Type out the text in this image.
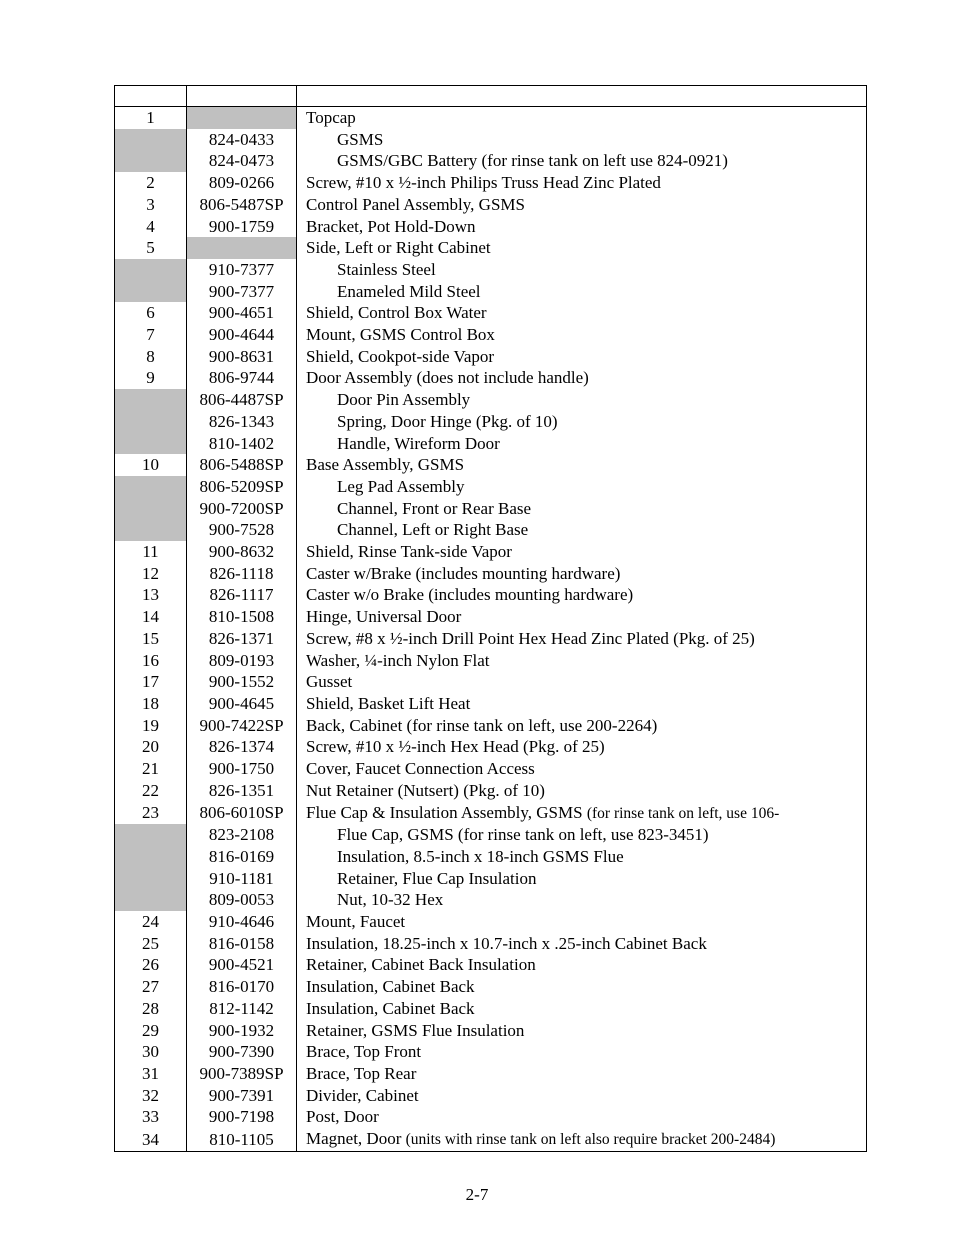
1		Topcap
	824-0433	GSMS
	824-0473	GSMS/GBC Battery (for rinse tank on left use 824-0921)
2	809-0266	Screw, #10 x ½-inch Philips Truss Head Zinc Plated
3	806-5487SP	Control Panel Assembly, GSMS
4	900-1759	Bracket, Pot Hold-Down
5		Side, Left or Right Cabinet
	910-7377	Stainless Steel
	900-7377	Enameled Mild Steel
6	900-4651	Shield, Control Box Water
7	900-4644	Mount, GSMS Control Box
8	900-8631	Shield, Cookpot-side Vapor
9	806-9744	Door Assembly (does not include handle)
	806-4487SP	Door Pin Assembly
	826-1343	Spring, Door Hinge (Pkg. of 10)
	810-1402	Handle, Wireform Door
10	806-5488SP	Base Assembly, GSMS
	806-5209SP	Leg Pad Assembly
	900-7200SP	Channel, Front or Rear Base
	900-7528	Channel, Left or Right Base
11	900-8632	Shield, Rinse Tank-side Vapor
12	826-1118	Caster w/Brake (includes mounting hardware)
13	826-1117	Caster w/o Brake (includes mounting hardware)
14	810-1508	Hinge, Universal Door
15	826-1371	Screw, #8 x ½-inch Drill Point Hex Head Zinc Plated (Pkg. of 25)
16	809-0193	Washer, ¼-inch Nylon Flat
17	900-1552	Gusset
18	900-4645	Shield, Basket Lift Heat
19	900-7422SP	Back, Cabinet (for rinse tank on left, use 200-2264)
20	826-1374	Screw, #10 x ½-inch Hex Head (Pkg. of 25)
21	900-1750	Cover, Faucet Connection Access
22	826-1351	Nut Retainer (Nutsert) (Pkg. of 10)
23	806-6010SP	Flue Cap & Insulation Assembly, GSMS (for rinse tank on left, use 106-
	823-2108	Flue Cap, GSMS (for rinse tank on left, use 823-3451)
	816-0169	Insulation, 8.5-inch x 18-inch GSMS Flue
	910-1181	Retainer, Flue Cap Insulation
	809-0053	Nut, 10-32 Hex
24	910-4646	Mount, Faucet
25	816-0158	Insulation, 18.25-inch x 10.7-inch x .25-inch Cabinet Back
26	900-4521	Retainer, Cabinet Back Insulation
27	816-0170	Insulation, Cabinet Back
28	812-1142	Insulation, Cabinet Back
29	900-1932	Retainer, GSMS Flue Insulation
30	900-7390	Brace, Top Front
31	900-7389SP	Brace, Top Rear
32	900-7391	Divider, Cabinet
33	900-7198	Post, Door
34	810-1105	Magnet, Door (units with rinse tank on left also require bracket 200-2484)
2-7
